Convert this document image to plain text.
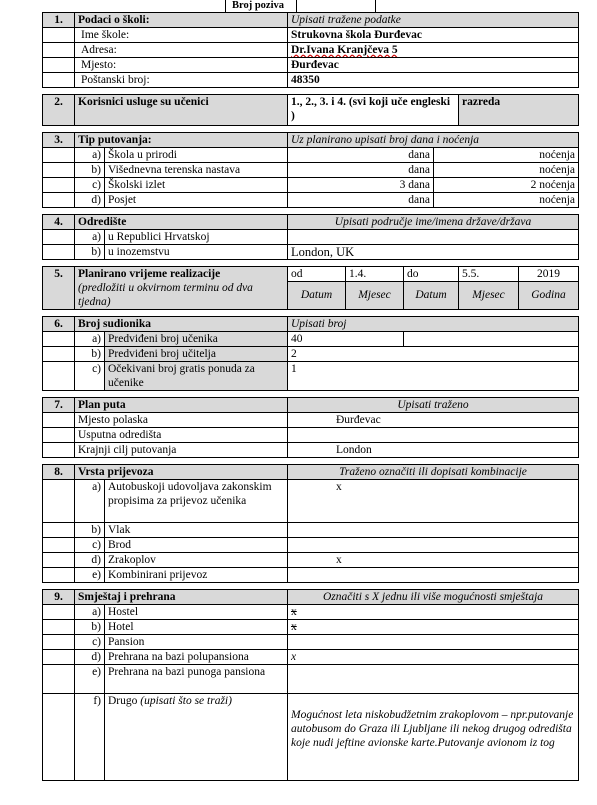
Broj poziva
1.	Podaci o školi:		Upisati tražene podatke					
	Ime škole:		Strukovna škola Đurđevac					
	Adresa:		Dr.Ivana Kranjčeva 5					
	Mjesto:		Đurđevac					
	Poštanski broj:		48350					

2.	Korisnici usluge su učenici		1., 2., 3. i 4. (svi koji uče engleski )				razreda	

3.	Tip putovanja:		Uz planirano upisati broj dana i noćenja					
	a)	Škola u prirodi	dana			noćenja		
	b)	Višednevna terenska nastava	dana			noćenja		
	c)	Školski izlet	3 dana			2 noćenja		
	d)	Posjet	dana			noćenja		

4.	Odredište		Upisati područje ime/imena države/država					
	a)	u Republici Hrvatskoj						
	b)	u inozemstvu	London, UK					

5.	Planirano vrijeme realizacije
(predložiti u okvirnom terminu od dva tjedna)		od	1.4.	do		5.5.	2019
			Datum	Mjesec	Datum		Mjesec	Godina

6.	Broj sudionika		Upisati broj					
	a)	Predviđeni broj učenika	40					
	b)	Predviđeni broj učitelja	2					
	c)	Očekivani broj gratis ponuda za učenike	1					

7.	Plan puta		Upisati traženo					
	Mjesto polaska		Đurđevac					
	Usputna odredišta							
	Krajnji cilj putovanja		London					

8.	Vrsta prijevoza		Traženo označiti ili dopisati kombinacije					
	a)	Autobuskoji udovoljava zakonskim propisima za prijevoz učenika	x					
	b)	Vlak						
	c)	Brod						
	d)	Zrakoplov	x					
	e)	Kombinirani prijevoz						

9.	Smještaj i prehrana		Označiti s X jednu ili više mogućnosti smještaja					
	a)	Hostel	x					
	b)	Hotel	x					
	c)	Pansion						
	d)	Prehrana na bazi polupansiona	x					
	e)	Prehrana na bazi punoga pansiona						
	f)	Drugo (upisati što se traži)	Mogućnost leta niskobudžetnim zrakoplovom – npr.putovanje autobusom do Graza ili Ljubljane ili nekog drugog odredišta koje nudi jeftine avionske karte.Putovanje avionom iz tog					
